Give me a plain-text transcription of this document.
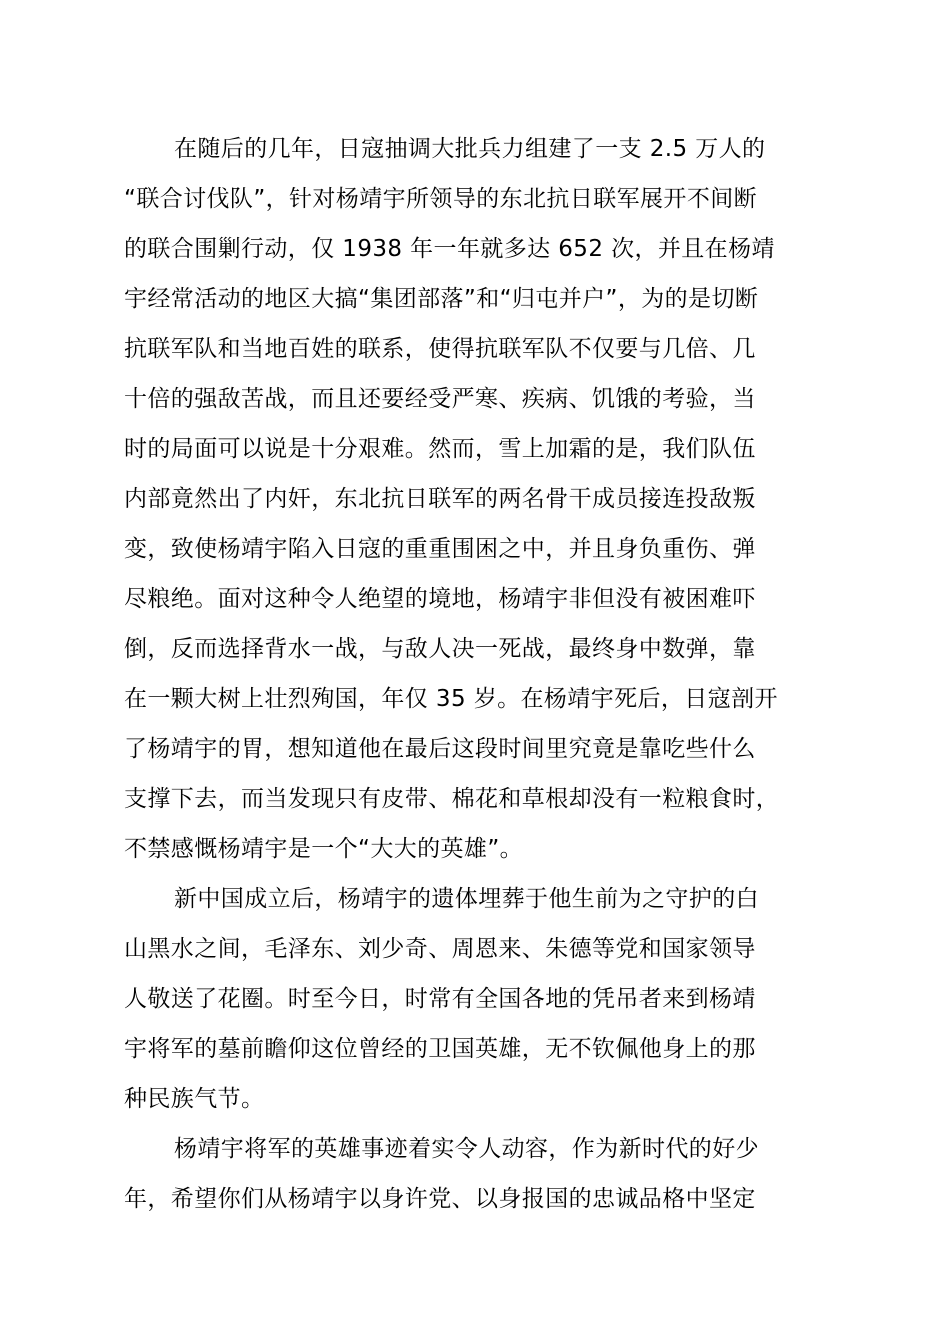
在随后的几年，日寇抽调大批兵力组建了一支 2.5 万人的
“联合讨伐队”，针对杨靖宇所领导的东北抗日联军展开不间断
的联合围剿行动，仅 1938 年一年就多达 652 次，并且在杨靖
宇经常活动的地区大搞“集团部落”和“归屯并户”，为的是切断
抗联军队和当地百姓的联系，使得抗联军队不仅要与几倍、几
十倍的强敌苦战，而且还要经受严寒、疾病、饥饿的考验，当
时的局面可以说是十分艰难。然而，雪上加霜的是，我们队伍
内部竟然出了内奸，东北抗日联军的两名骨干成员接连投敌叛
变，致使杨靖宇陷入日寇的重重围困之中，并且身负重伤、弹
尽粮绝。面对这种令人绝望的境地，杨靖宇非但没有被困难吓
倒，反而选择背水一战，与敌人决一死战，最终身中数弹，靠
在一颗大树上壮烈殉国，年仅 35 岁。在杨靖宇死后，日寇剖开
了杨靖宇的胃，想知道他在最后这段时间里究竟是靠吃些什么
支撑下去，而当发现只有皮带、棉花和草根却没有一粒粮食时，
不禁感慨杨靖宇是一个“大大的英雄”。
新中国成立后，杨靖宇的遗体埋葬于他生前为之守护的白
山黑水之间，毛泽东、刘少奇、周恩来、朱德等党和国家领导
人敬送了花圈。时至今日，时常有全国各地的凭吊者来到杨靖
宇将军的墓前瞻仰这位曾经的卫国英雄，无不钦佩他身上的那
种民族气节。
杨靖宇将军的英雄事迹着实令人动容，作为新时代的好少
年，希望你们从杨靖宇以身许党、以身报国的忠诚品格中坚定
